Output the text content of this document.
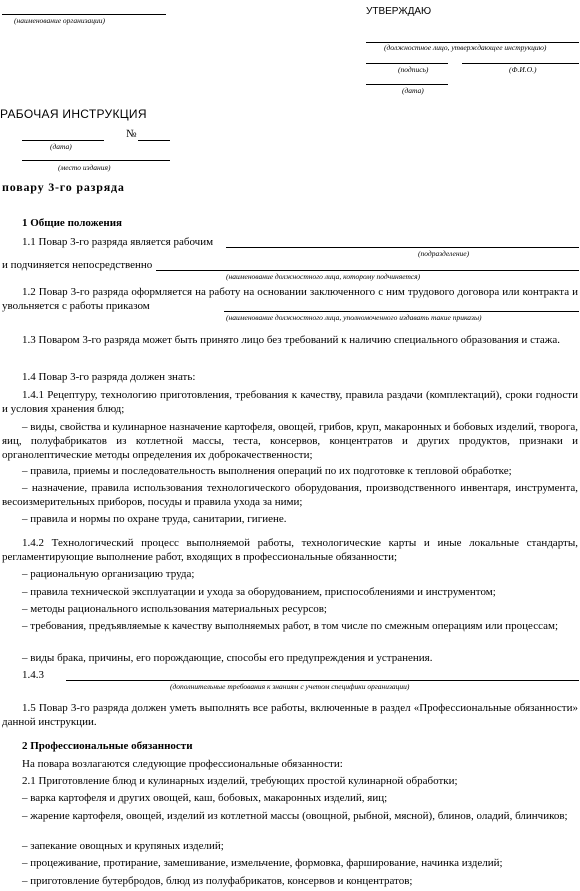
(наименование организации)
УТВЕРЖДАЮ
(должностное лицо, утверждающее инструкцию)
(подпись)	(Ф.И.О.)
(дата)
РАБОЧАЯ ИНСТРУКЦИЯ
№
(дата)
(место издания)
повару 3-го разряда
1 Общие положения
1.1 Повар 3-го разряда является рабочим
(подразделение)
и подчиняется непосредственно
(наименование должностного лица, которому подчиняется)
1.2 Повар 3-го разряда оформляется на работу на основании заключенного с ним трудового договора или контракта и увольняется с работы приказом
(наименование должностного лица, уполномоченного издавать такие приказы)
1.3 Поваром 3-го разряда может быть принято лицо без требований к наличию специального образования и стажа.
1.4 Повар 3-го разряда должен знать:
1.4.1 Рецептуру, технологию приготовления, требования к качеству, правила раздачи (комплектаций), сроки годности и условия хранения блюд;
– виды, свойства и кулинарное назначение картофеля, овощей, грибов, круп, макаронных и бобовых изделий, творога, яиц, полуфабрикатов из котлетной массы, теста, консервов, концентратов и других продуктов, признаки и органолептические методы определения их доброкачественности;
– правила, приемы и последовательность выполнения операций по их подготовке к тепловой обработке;
– назначение, правила использования технологического оборудования, производственного инвентаря, инструмента, весоизмерительных приборов, посуды и правила ухода за ними;
– правила и нормы по охране труда, санитарии, гигиене.
1.4.2 Технологический процесс выполняемой работы, технологические карты и иные локальные стандарты, регламентирующие выполнение работ, входящих в профессиональные обязанности;
– рациональную организацию труда;
– правила технической эксплуатации и ухода за оборудованием, приспособлениями и инструментом;
– методы рационального использования материальных ресурсов;
– требования, предъявляемые к качеству выполняемых работ, в том числе по смежным операциям или процессам;
– виды брака, причины, его порождающие, способы его предупреждения и устранения.
1.4.3
(дополнительные требования к знаниям с учетом специфики организации)
1.5 Повар 3-го разряда должен уметь выполнять все работы, включенные в раздел «Профессиональные обязанности» данной инструкции.
2 Профессиональные обязанности
На повара возлагаются следующие профессиональные обязанности:
2.1 Приготовление блюд и кулинарных изделий, требующих простой кулинарной обработки;
– варка картофеля и других овощей, каш, бобовых, макаронных изделий, яиц;
– жарение картофеля, овощей, изделий из котлетной массы (овощной, рыбной, мясной), блинов, оладий, блинчиков;
– запекание овощных и крупяных изделий;
– процеживание, протирание, замешивание, измельчение, формовка, фарширование, начинка изделий;
– приготовление бутербродов, блюд из полуфабрикатов, консервов и концентратов;
